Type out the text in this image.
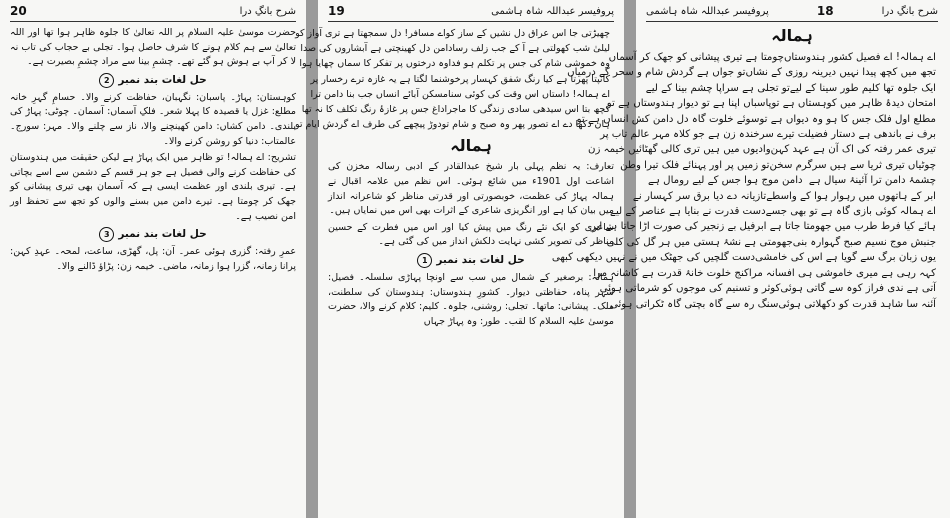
شرح بانگِ درا
20

حضرت موسیٰ علیہ السلام پر اللہ تعالیٰ کا جلوہ ظاہر ہوا تھا اور اللہ تعالیٰ سے ہم کلام ہونے کا شرف حاصل ہوا۔ تجلی بے حجاب کی تاب نہ لا کر آپ بے ہوش ہو گئے تھے۔ چشمِ بینا سے مراد چشمِ بصیرت ہے۔

حل لغات بند نمبر2

کوہستان: پہاڑ۔ پاسبان: نگہبان، حفاظت کرنے والا۔ حسامِ گہرِ خانہ مطلع: غزل یا قصیدہ کا پہلا شعر۔ فلکِ آسماں: آسمان۔ چوٹی: پہاڑ کی بلندی۔ دامن کشاں: دامن کھینچنے والا، ناز سے چلنے والا۔ مہر: سورج۔ عالمتاب: دنیا کو روشن کرنے والا۔

تشریح: اے ہمالہ! تو ظاہر میں ایک پہاڑ ہے لیکن حقیقت میں ہندوستان کی حفاظت کرنے والی فصیل ہے جو ہر قسم کے دشمن سے اسے بچاتی ہے۔ تیری بلندی اور عظمت ایسی ہے کہ آسمان بھی تیری پیشانی کو جھک کر چومتا ہے۔ تیرے دامن میں بسنے والوں کو تجھ سے تحفظ اور امن نصیب ہے۔

حل لغات بند نمبر3

عمرِ رفتہ: گزری ہوئی عمر۔ آن: پل، گھڑی، ساعت، لمحہ۔ عہدِ کہن: پرانا زمانہ، گزرا ہوا زمانہ، ماضی۔ خیمہ زن: پڑاؤ ڈالنے والا۔

پروفیسر عبداللہ شاہ ہاشمی
19
چھیڑتی جا اس عراق دل نشیں کے ساز کو
اے مسافر! دل سمجھتا ہے تری آواز کو
لیلیٰ شب کھولتی ہے آ کے جب زلف رسا
دامن دل کھینچتی ہے آبشاروں کی صدا
وہ خموشی شام کی جس پر تکلم ہو فدا
وہ درختوں پر تفکر کا سماں چھایا ہوا
کانپتا پھرتا ہے کیا رنگ شفق کہسار پر
خوشنما لگتا ہے یہ غازہ ترے رخسار پر
اے ہمالہ! داستاں اس وقت کی کوئی سنا
مسکن آبائے انساں جب بنا دامن ترا
کچھ بتا اس سیدھی سادی زندگی کا ماجرا
داغ جس پر غازۂ رنگ تکلف کا نہ تھا
ہاں دکھا دے اے تصور پھر وہ صبح و شام تو
دوڑ پیچھے کی طرف اے گردش ایام تو
ہمالہ

تعارف: یہ نظم پہلی بار شیخ عبدالقادر کے ادبی رسالہ مخزن کی اشاعت اول 1901ء میں شائع ہوئی۔ اس نظم میں علامہ اقبال نے ہمالہ پہاڑ کی عظمت، خوبصورتی اور قدرتی مناظر کو شاعرانہ انداز میں بیان کیا ہے اور انگریزی شاعری کے اثرات بھی اس میں نمایاں ہیں۔

شاعری کو ایک نئے رنگ میں پیش کیا اور اس میں فطرت کے حسین مناظر کی تصویر کشی نہایت دلکش انداز میں کی گئی ہے۔

حل لغات بند نمبر1

ہمالہ: برصغیر کے شمال میں سب سے اونچا پہاڑی سلسلہ۔ فصیل: شہر پناہ، حفاظتی دیوار۔ کشورِ ہندوستاں: ہندوستان کی سلطنت، ملک۔ پیشانی: ماتھا۔ تجلی: روشنی، جلوہ۔ کلیم: کلام کرنے والا، حضرت موسیٰ علیہ السلام کا لقب۔ طور: وہ پہاڑ جہاں

شرح بانگِ درا
18
پروفیسر عبداللہ شاہ ہاشمی
ہمالہ
اے ہمالہ! اے فصیل کشور ہندوستاں
چومتا ہے تیری پیشانی کو جھک کر آسماں
تجھ میں کچھ پیدا نہیں دیرینہ روزی کے نشاں
تو جواں ہے گردش شام و سحر کے درمیاں
ایک جلوہ تھا کلیم طور سینا کے لیے
تو تجلی ہے سراپا چشم بینا کے لیے
امتحان دیدۂ ظاہر میں کوہستاں ہے تو
پاسباں اپنا ہے تو دیوار ہندوستاں ہے تو
مطلع اول فلک جس کا ہو وہ دیواں ہے تو
سوئے خلوت گاہ دل دامن کش انساں ہے تو
برف نے باندھی ہے دستار فضیلت تیرے سر
خندہ زن ہے جو کلاہ مہر عالم تاب پر
تیری عمر رفتہ کی اک آن ہے عہد کہن
وادیوں میں ہیں تری کالی گھٹائیں خیمہ زن
چوٹیاں تیری ثریا سے ہیں سرگرم سخن
تو زمیں پر اور پہنائے فلک تیرا وطن
چشمۂ دامن ترا آئینۂ سیال ہے
دامن موج ہوا جس کے لیے رومال ہے
ابر کے ہاتھوں میں رہوار ہوا کے واسطے
تازیانہ دے دیا برق سر کہسار نے
اے ہمالہ کوئی بازی گاہ ہے تو بھی جسے
دست قدرت نے بنایا ہے عناصر کے لیے
ہائے کیا فرط طرب میں جھومتا جاتا ہے ابر
فیل بے زنجیر کی صورت اڑا جاتا ہے ابر
جنبش موج نسیم صبح گہوارہ بنی
جھومتی ہے نشۂ ہستی میں ہر گل کی کلی
یوں زبان برگ سے گویا ہے اس کی خامشی
دست گلچیں کی جھٹک میں نے نہیں دیکھی کبھی
کہہ رہی ہے میری خاموشی ہی افسانہ مرا
کنج خلوت خانۂ قدرت ہے کاشانہ مرا
آتی ہے ندی فراز کوہ سے گاتی ہوئی
کوثر و تسنیم کی موجوں کو شرماتی ہوئی
آئنہ سا شاہد قدرت کو دکھلاتی ہوئی
سنگ رہ سے گاہ بچتی گاہ ٹکراتی ہوئی
